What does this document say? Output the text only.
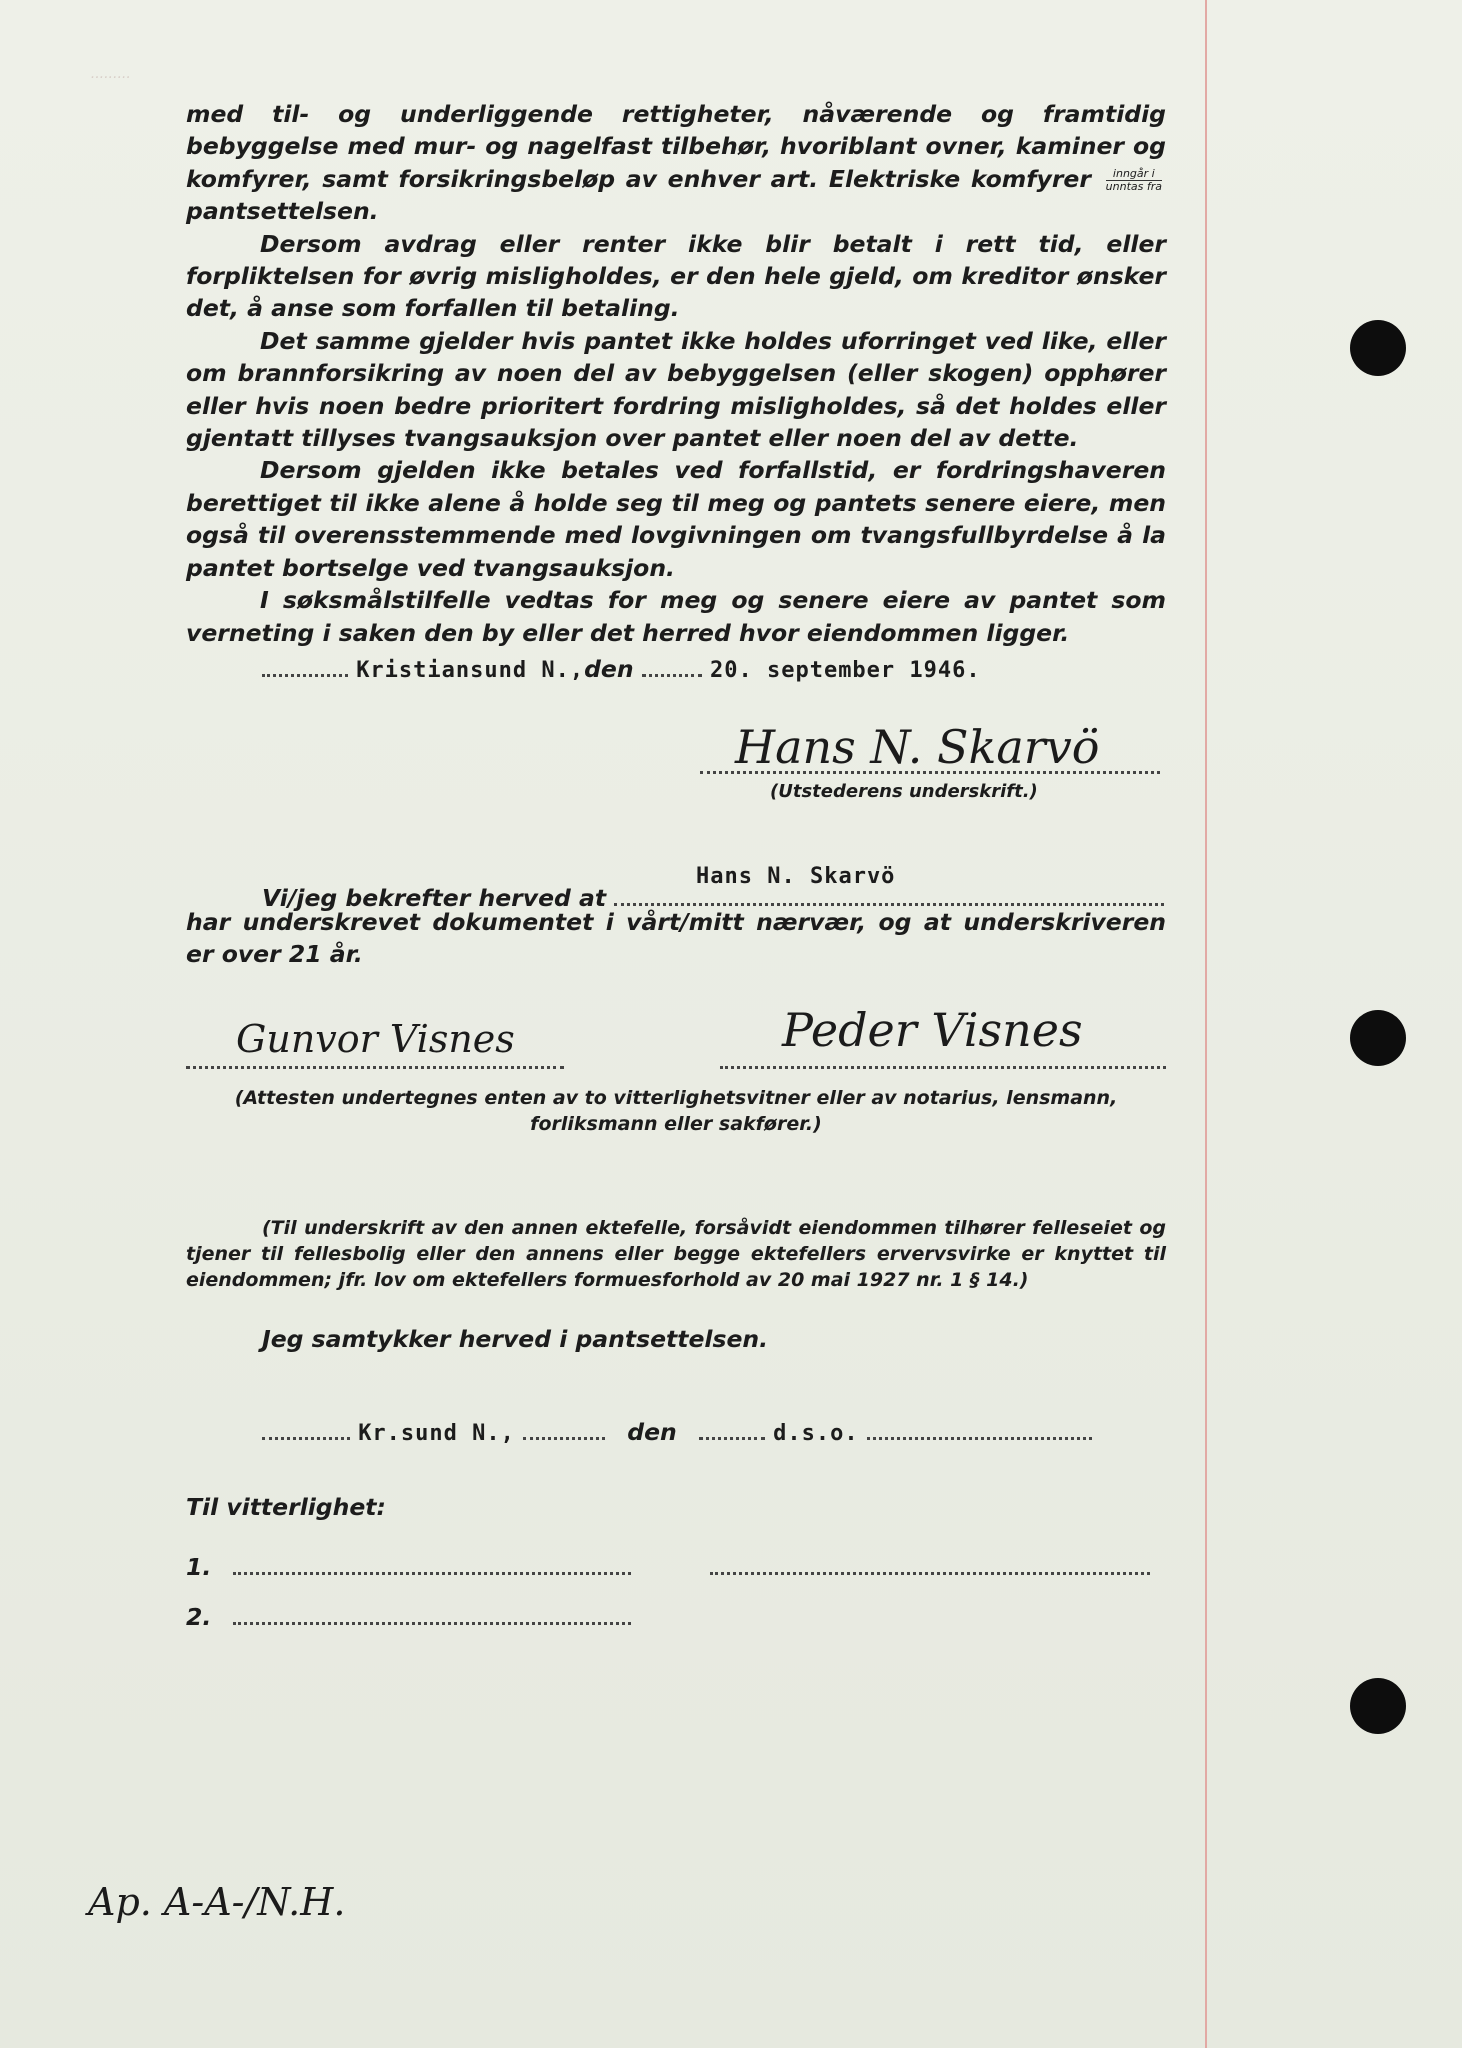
·········

med til- og underliggende rettigheter, nåværende og framtidig bebyggelse med mur- og nagelfast tilbehør, hvoriblant ovner, kaminer og komfyrer, samt forsikringsbeløp av enhver art. Elektriske komfyrer $\frac{\text{inngår i}}{\text{unntas fra}}$
pantsettelsen.

Dersom avdrag eller renter ikke blir betalt i rett tid, eller forpliktelsen for øvrig misligholdes, er den hele gjeld, om kreditor ønsker det, å anse som forfallen til betaling.

Det samme gjelder hvis pantet ikke holdes uforringet ved like, eller om brannforsikring av noen del av bebyggelsen (eller skogen) opphører eller hvis noen bedre prioritert fordring misligholdes, så det holdes eller gjentatt tillyses tvangsauksjon over pantet eller noen del av dette.

Dersom gjelden ikke betales ved forfallstid, er fordringshaveren berettiget til ikke alene å holde seg til meg og pantets senere eiere, men også til overensstemmende med lovgivningen om tvangsfullbyrdelse å la pantet bortselge ved tvangsauksjon.

I søksmålstilfelle vedtas for meg og senere eiere av pantet som verneting i saken den by eller det herred hvor eiendommen ligger.

Kristiansund N.,den	20. september 1946.
Hans N. Skarvö
(Utstederens underskrift.)
Hans N. Skarvö
Vi/jeg bekrefter herved at
har underskrevet dokumentet i vårt/mitt nærvær, og at underskriveren er over 21 år.
Gunvor Visnes	Peder Visnes
(Attesten undertegnes enten av to vitterlighetsvitner eller av notarius, lensmann, forliksmann eller sakfører.)
(Til underskrift av den annen ektefelle, forsåvidt eiendommen tilhører felleseiet og tjener til fellesbolig eller den annens eller begge ektefellers ervervsvirke er knyttet til eiendommen; jfr. lov om ektefellers formuesforhold av 20 mai 1927 nr. 1 § 14.)
Jeg samtykker herved i pantsettelsen.
Kr.sund N.,	den	d.s.o.
Til vitterlighet:
1.
2.
Ap. A-A-/N.H.
